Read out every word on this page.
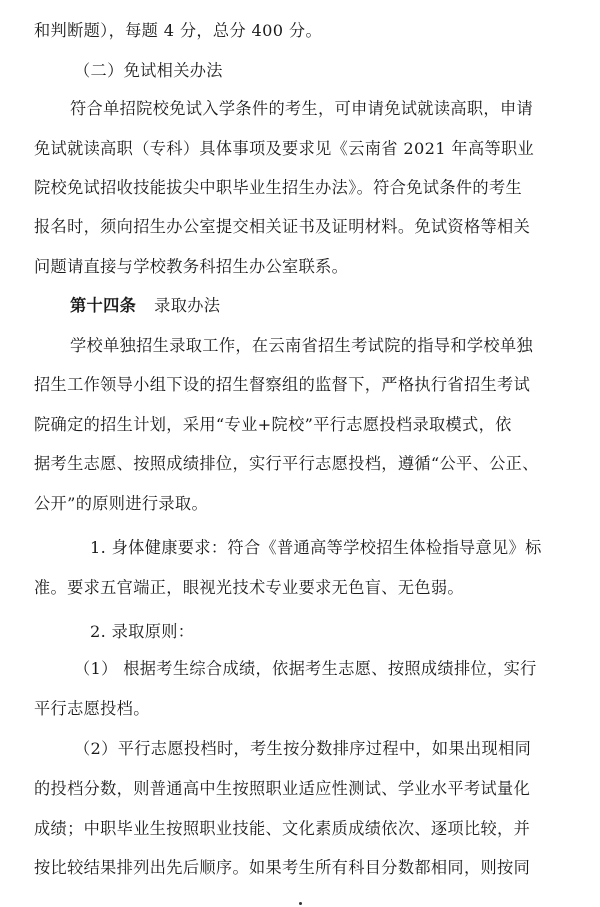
和判断题），每题 4 分，总分 400 分。
（二）免试相关办法
符合单招院校免试入学条件的考生，可申请免试就读高职，申请
免试就读高职（专科）具体事项及要求见《云南省 2021 年高等职业
院校免试招收技能拔尖中职毕业生招生办法》。符合免试条件的考生
报名时，须向招生办公室提交相关证书及证明材料。免试资格等相关
问题请直接与学校教务科招生办公室联系。
第十四条 录取办法
学校单独招生录取工作，在云南省招生考试院的指导和学校单独
招生工作领导小组下设的招生督察组的监督下，严格执行省招生考试
院确定的招生计划，采用“专业+院校”平行志愿投档录取模式，依
据考生志愿、按照成绩排位，实行平行志愿投档，遵循“公平、公正、
公开”的原则进行录取。
1. 身体健康要求：符合《普通高等学校招生体检指导意见》标
准。要求五官端正，眼视光技术专业要求无色盲、无色弱。
2. 录取原则：
（1） 根据考生综合成绩，依据考生志愿、按照成绩排位，实行
平行志愿投档。
（2）平行志愿投档时，考生按分数排序过程中，如果出现相同
的投档分数，则普通高中生按照职业适应性测试、学业水平考试量化
成绩；中职毕业生按照职业技能、文化素质成绩依次、逐项比较，并
按比较结果排列出先后顺序。如果考生所有科目分数都相同，则按同
